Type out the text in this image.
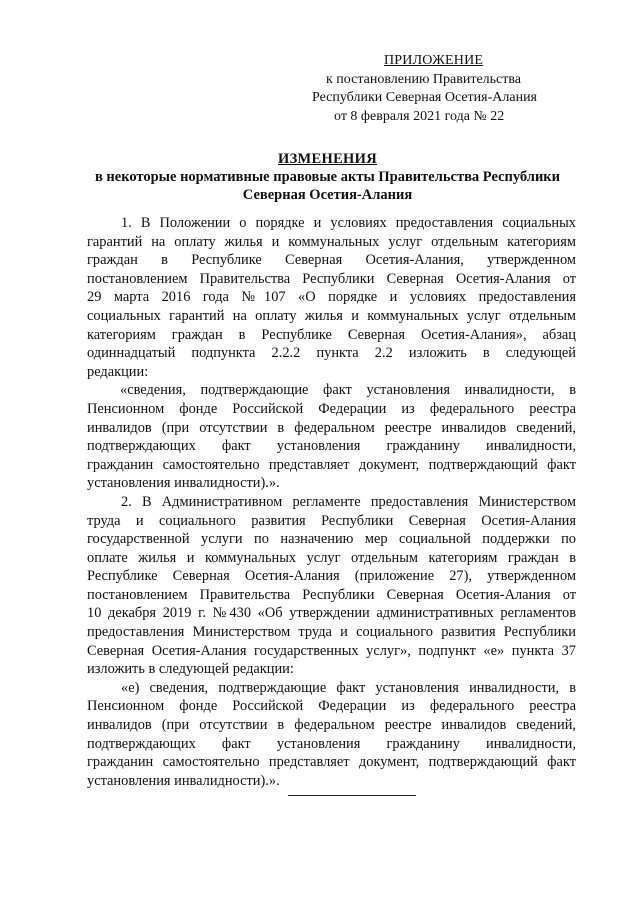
ПРИЛОЖЕНИЕ
к постановлению Правительства
Республики Северная Осетия-Алания
от 8 февраля 2021 года № 22
ИЗМЕНЕНИЯ
в некоторые нормативные правовые акты Правительства Республики
Северная Осетия-Алания
1. В Положении о порядке и условиях предоставления социальных
гарантий на оплату жилья и коммунальных услуг отдельным категориям
граждан в Республике Северная Осетия-Алания, утвержденном
постановлением Правительства Республики Северная Осетия-Алания от
29 марта 2016 года №107 «О порядке и условиях предоставления
социальных гарантий на оплату жилья и коммунальных услуг отдельным
категориям граждан в Республике Северная Осетия-Алания», абзац
одиннадцатый подпункта 2.2.2 пункта 2.2 изложить в следующей
редакции:
«сведения, подтверждающие факт установления инвалидности, в
Пенсионном фонде Российской Федерации из федерального реестра
инвалидов (при отсутствии в федеральном реестре инвалидов сведений,
подтверждающих факт установления гражданину инвалидности,
гражданин самостоятельно представляет документ, подтверждающий факт
установления инвалидности).».
2. В Административном регламенте предоставления Министерством
труда и социального развития Республики Северная Осетия-Алания
государственной услуги по назначению мер социальной поддержки по
оплате жилья и коммунальных услуг отдельным категориям граждан в
Республике Северная Осетия-Алания (приложение 27), утвержденном
постановлением Правительства Республики Северная Осетия-Алания от
10 декабря 2019 г. №430 «Об утверждении административных регламентов
предоставления Министерством труда и социального развития Республики
Северная Осетия-Алания государственных услуг», подпункт «е» пункта 37
изложить в следующей редакции:
«е) сведения, подтверждающие факт установления инвалидности, в
Пенсионном фонде Российской Федерации из федерального реестра
инвалидов (при отсутствии в федеральном реестре инвалидов сведений,
подтверждающих факт установления гражданину инвалидности,
гражданин самостоятельно представляет документ, подтверждающий факт
установления инвалидности).».
